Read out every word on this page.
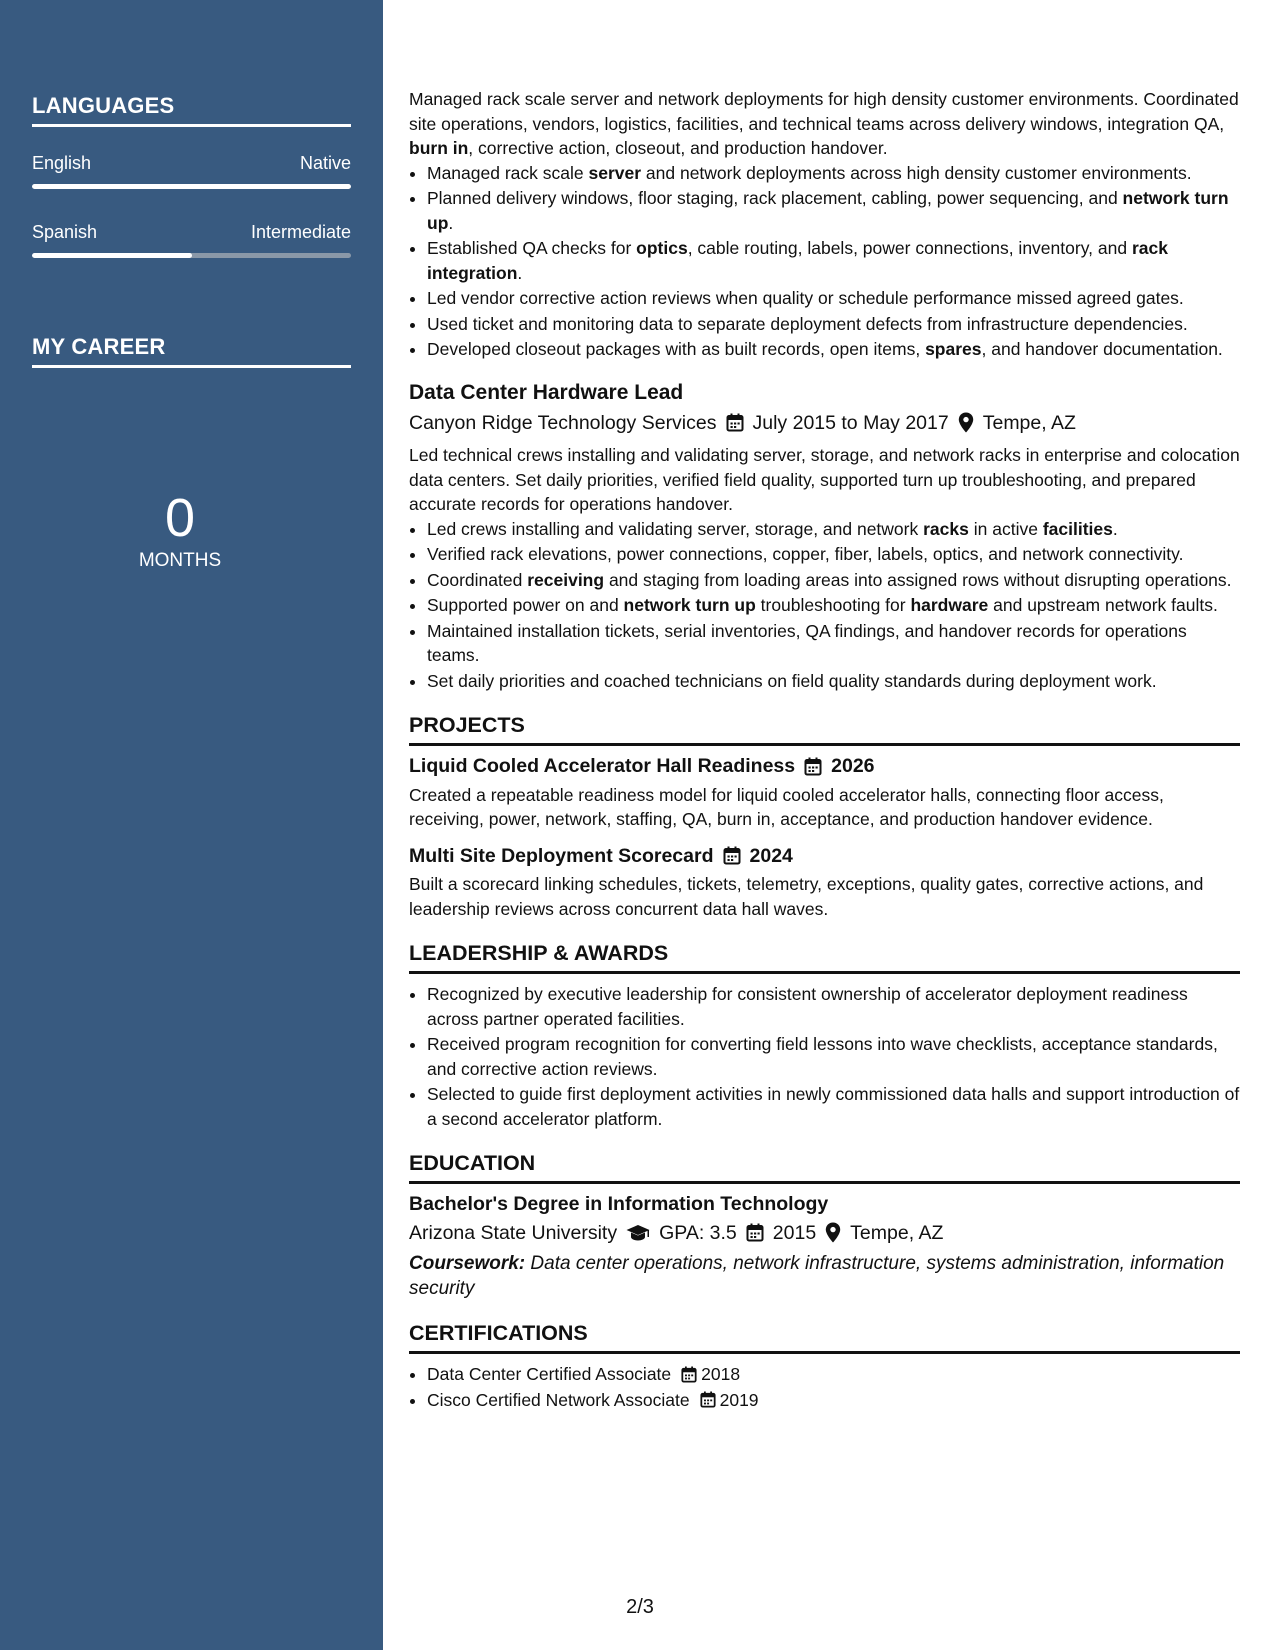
LANGUAGES
English	Native
Spanish	Intermediate
MY CAREER
0
MONTHS

Managed rack scale server and network deployments for high density customer environments. Coordinated site operations, vendors, logistics, facilities, and technical teams across delivery windows, integration QA, burn in, corrective action, closeout, and production handover.

• Managed rack scale server and network deployments across high density customer environments.
• Planned delivery windows, floor staging, rack placement, cabling, power sequencing, and network turn up.
• Established QA checks for optics, cable routing, labels, power connections, inventory, and rack integration.
• Led vendor corrective action reviews when quality or schedule performance missed agreed gates.
• Used ticket and monitoring data to separate deployment defects from infrastructure dependencies.
• Developed closeout packages with as built records, open items, spares, and handover documentation.
Data Center Hardware Lead
Canyon Ridge Technology Services July 2015 to May 2017 Tempe, AZ

Led technical crews installing and validating server, storage, and network racks in enterprise and colocation data centers. Set daily priorities, verified field quality, supported turn up troubleshooting, and prepared accurate records for operations handover.

• Led crews installing and validating server, storage, and network racks in active facilities.
• Verified rack elevations, power connections, copper, fiber, labels, optics, and network connectivity.
• Coordinated receiving and staging from loading areas into assigned rows without disrupting operations.
• Supported power on and network turn up troubleshooting for hardware and upstream network faults.
• Maintained installation tickets, serial inventories, QA findings, and handover records for operations teams.
• Set daily priorities and coached technicians on field quality standards during deployment work.
PROJECTS
Liquid Cooled Accelerator Hall Readiness 2026

Created a repeatable readiness model for liquid cooled accelerator halls, connecting floor access, receiving, power, network, staffing, QA, burn in, acceptance, and production handover evidence.

Multi Site Deployment Scorecard 2024

Built a scorecard linking schedules, tickets, telemetry, exceptions, quality gates, corrective actions, and leadership reviews across concurrent data hall waves.

LEADERSHIP & AWARDS
• Recognized by executive leadership for consistent ownership of accelerator deployment readiness across partner operated facilities.
• Received program recognition for converting field lessons into wave checklists, acceptance standards, and corrective action reviews.
• Selected to guide first deployment activities in newly commissioned data halls and support introduction of a second accelerator platform.
EDUCATION
Bachelor's Degree in Information Technology
Arizona State University GPA: 3.5 2015 Tempe, AZ

Coursework: Data center operations, network infrastructure, systems administration, information security

CERTIFICATIONS
• Data Center Certified Associate 2018
• Cisco Certified Network Associate 2019
2/3
